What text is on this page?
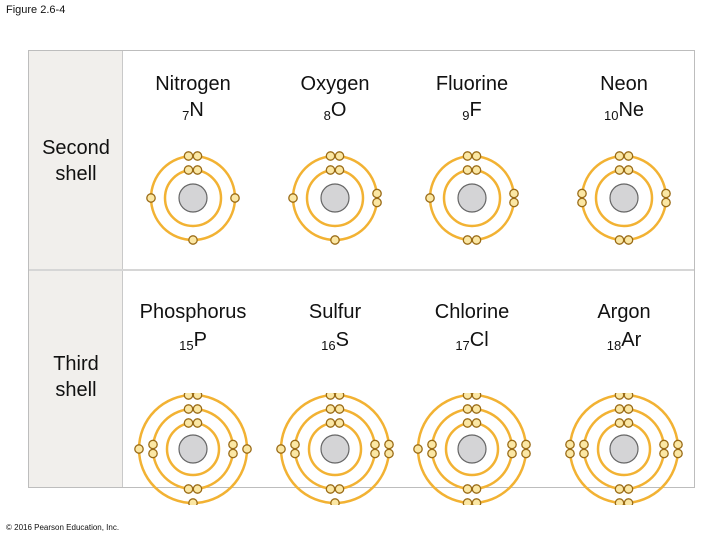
Figure 2.6-4
Second
shell
Third
shell
Nitrogen
$_7$N
Oxygen
$_8$O
Fluorine
$_9$F
Neon
$_{10}$Ne
Phosphorus
$_{15}$P
Sulfur
$_{16}$S
Chlorine
$_{17}$Cl
Argon
$_{18}$Ar
© 2016 Pearson Education, Inc.
